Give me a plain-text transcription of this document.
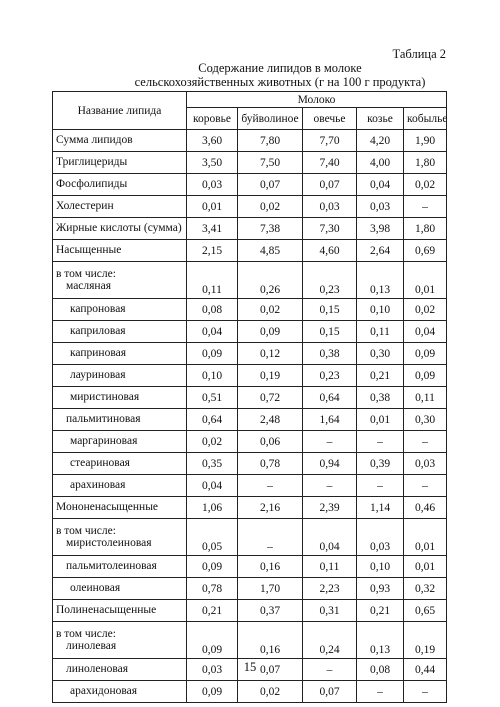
Таблица 2
Содержание липидов в молоке
сельскохозяйственных животных (г на 100 г продукта)
Название липида	Молоко				
	коровье	буйволиное	овечье	козье	кобылье

Сумма липидов	3,60	7,80	7,70	4,20	1,90

Триглицериды	3,50	7,50	7,40	4,00	1,80

Фосфолипиды	0,03	0,07	0,07	0,04	0,02

Холестерин	0,01	0,02	0,03	0,03	–

Жирные кислоты (сумма)	3,41	7,38	7,30	3,98	1,80

Насыщенные	2,15	4,85	4,60	2,64	0,69

в том числе:
масляная	0,11	0,26	0,23	0,13	0,01

капроновая	0,08	0,02	0,15	0,10	0,02

каприловая	0,04	0,09	0,15	0,11	0,04

каприновая	0,09	0,12	0,38	0,30	0,09

лауриновая	0,10	0,19	0,23	0,21	0,09

миристиновая	0,51	0,72	0,64	0,38	0,11

пальмитиновая	0,64	2,48	1,64	0,01	0,30

маргариновая	0,02	0,06	–	–	–

стеариновая	0,35	0,78	0,94	0,39	0,03

арахиновая	0,04	–	–	–	–

Мононенасыщенные	1,06	2,16	2,39	1,14	0,46

в том числе:
миристолеиновая	0,05	–	0,04	0,03	0,01

пальмитолеиновая	0,09	0,16	0,11	0,10	0,01

олеиновая	0,78	1,70	2,23	0,93	0,32

Полиненасыщенные	0,21	0,37	0,31	0,21	0,65

в том числе:
линолевая	0,09	0,16	0,24	0,13	0,19

линоленовая	0,03	0,07	–	0,08	0,44

арахидоновая	0,09	0,02	0,07	–	–
15
